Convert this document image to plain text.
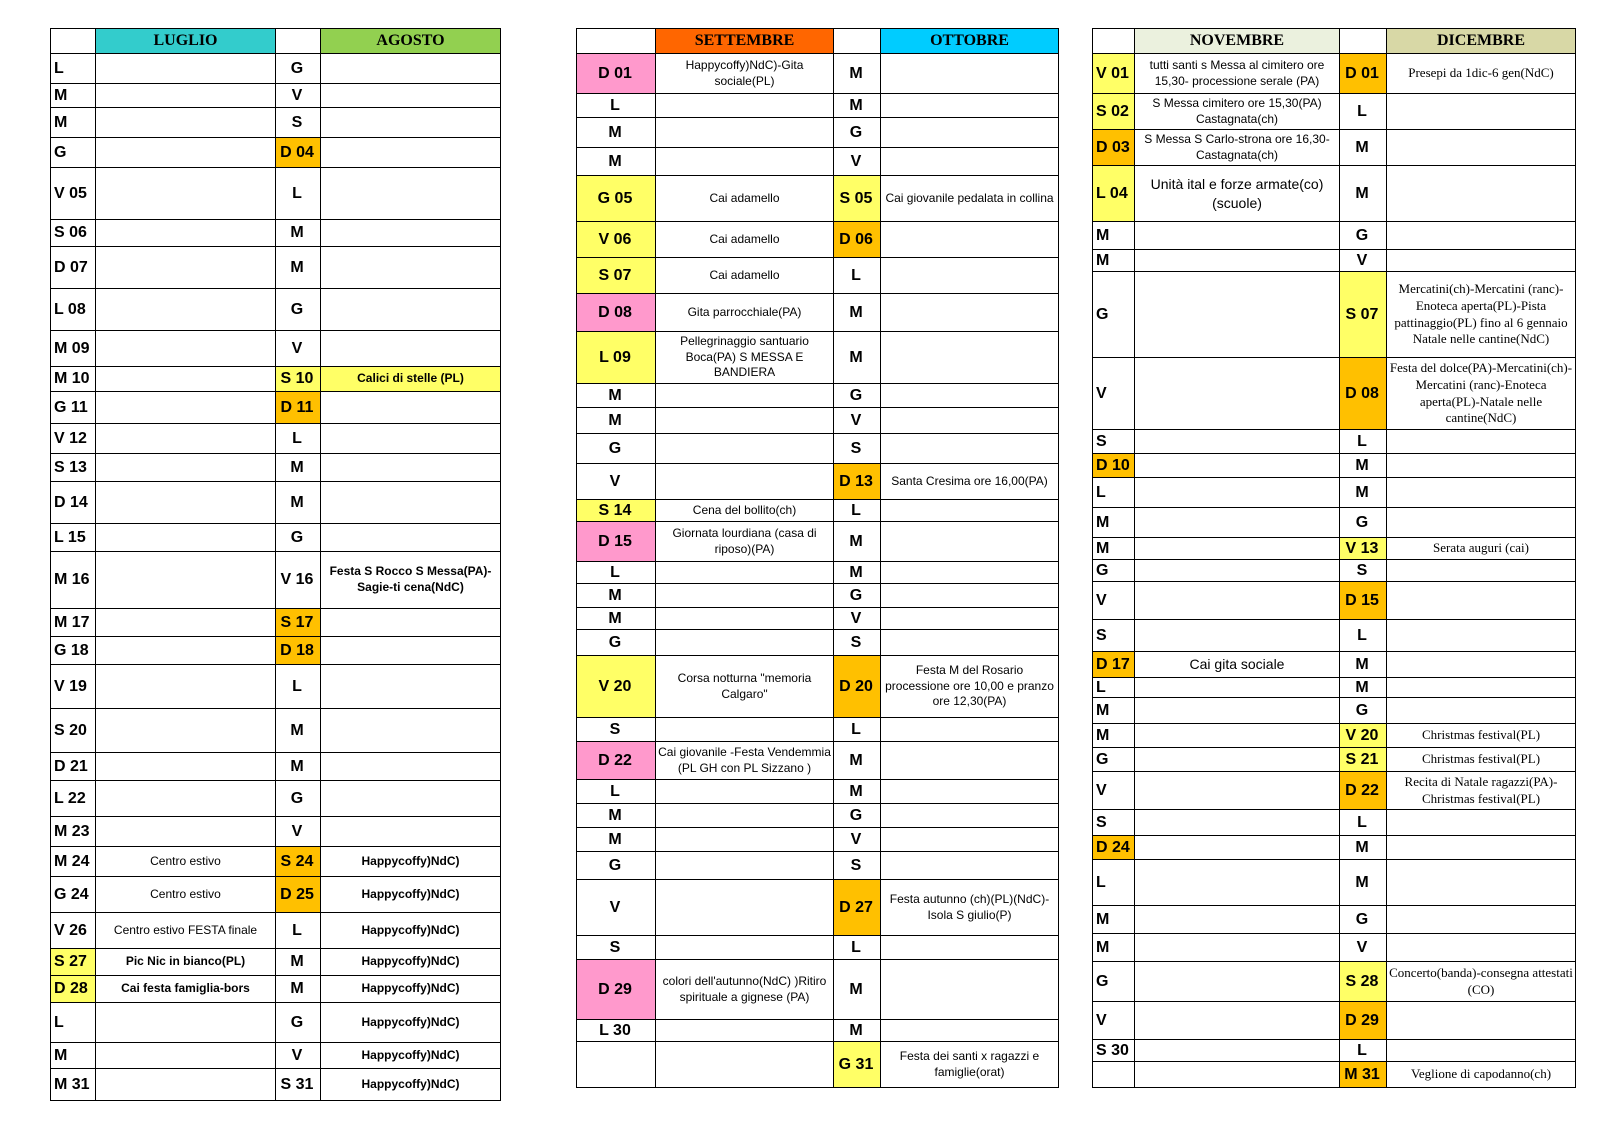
	LUGLIO		AGOSTO
L		G	
M		V	
M		S	
G		D 04	
V 05		L	
S 06		M	
D 07		M	
L 08		G	
M 09		V	
M 10		S 10	Calici di stelle (PL)
G 11		D 11	
V 12		L	
S 13		M	
D 14		M	
L 15		G	
M 16		V 16	Festa S Rocco S Messa(PA)-Sagie-ti cena(NdC)
M 17		S 17	
G 18		D 18	
V 19		L	
S 20		M	
D 21		M	
L 22		G	
M 23		V	
M 24	Centro estivo	S 24	Happycoffy)NdC)
G 24	Centro estivo	D 25	Happycoffy)NdC)
V 26	Centro estivo FESTA finale	L	Happycoffy)NdC)
S 27	Pic Nic in bianco(PL)	M	Happycoffy)NdC)
D 28	Cai festa famiglia-bors	M	Happycoffy)NdC)
L		G	Happycoffy)NdC)
M		V	Happycoffy)NdC)
M 31		S 31	Happycoffy)NdC)
	SETTEMBRE		OTTOBRE
D 01	Happycoffy)NdC)-Gita sociale(PL)	M	
L		M	
M		G	
M		V	
G 05	Cai adamello	S 05	Cai giovanile pedalata in collina
V 06	Cai adamello	D 06	
S 07	Cai adamello	L	
D 08	Gita parrocchiale(PA)	M	
L 09	Pellegrinaggio santuario Boca(PA) S MESSA E BANDIERA	M	
M		G	
M		V	
G		S	
V		D 13	Santa Cresima ore 16,00(PA)
S 14	Cena del bollito(ch)	L	
D 15	Giornata lourdiana (casa di riposo)(PA)	M	
L		M	
M		G	
M		V	
G		S	
V 20	Corsa notturna "memoria Calgaro"	D 20	Festa M del Rosario processione ore 10,00 e pranzo ore 12,30(PA)
S		L	
D 22	Cai giovanile -Festa Vendemmia (PL GH con PL Sizzano )	M	
L		M	
M		G	
M		V	
G		S	
V		D 27	Festa autunno (ch)(PL)(NdC)-Isola S giulio(P)
S		L	
D 29	colori dell'autunno(NdC) )Ritiro spirituale a gignese (PA)	M	
L 30		M	
		G 31	Festa dei santi x ragazzi e famiglie(orat)
	NOVEMBRE		DICEMBRE
V 01	tutti santi s Messa al cimitero ore 15,30- processione serale (PA)	D 01	Presepi da 1dic-6 gen(NdC)
S 02	S Messa cimitero ore 15,30(PA) Castagnata(ch)	L	
D 03	S Messa S Carlo-strona ore 16,30- Castagnata(ch)	M	
L 04	Unità ital e forze armate(co)(scuole)	M	
M		G	
M		V	
G		S 07	Mercatini(ch)-Mercatini (ranc)-Enoteca aperta(PL)-Pista pattinaggio(PL) fino al 6 gennaio Natale nelle cantine(NdC)
V		D 08	Festa del dolce(PA)-Mercatini(ch)-Mercatini (ranc)-Enoteca aperta(PL)-Natale nelle cantine(NdC)
S		L	
D 10		M	
L		M	
M		G	
M		V 13	Serata auguri (cai)
G		S	
V		D 15	
S		L	
D 17	Cai gita sociale	M	
L		M	
M		G	
M		V 20	Christmas festival(PL)
G		S 21	Christmas festival(PL)
V		D 22	Recita di Natale ragazzi(PA)-Christmas festival(PL)
S		L	
D 24		M	
L		M	
M		G	
M		V	
G		S 28	Concerto(banda)-consegna attestati (CO)
V		D 29	
S 30		L	
		M 31	Veglione di capodanno(ch)
